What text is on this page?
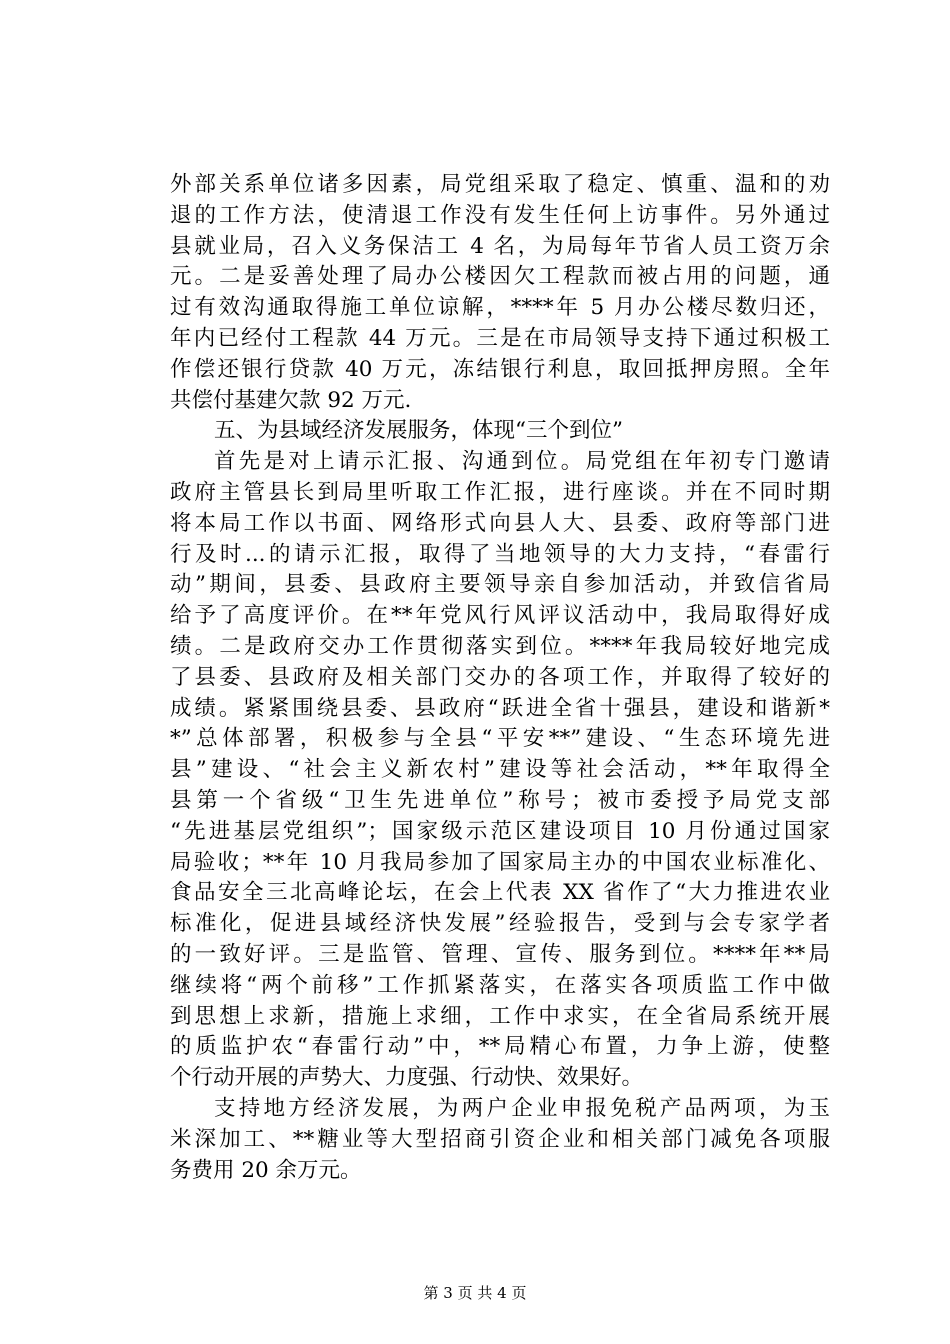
外部关系单位诸多因素，局党组采取了稳定、慎重、温和的劝
退的工作方法，使清退工作没有发生任何上访事件。另外通过
县就业局，召入义务保洁工 4 名，为局每年节省人员工资万余
元。二是妥善处理了局办公楼因欠工程款而被占用的问题，通
过有效沟通取得施工单位谅解，****年 5 月办公楼尽数归还，
年内已经付工程款 44 万元。三是在市局领导支持下通过积极工
作偿还银行贷款 40 万元，冻结银行利息，取回抵押房照。全年
共偿付基建欠款 92 万元.
五、为县域经济发展服务，体现“三个到位”
首先是对上请示汇报、沟通到位。局党组在年初专门邀请
政府主管县长到局里听取工作汇报，进行座谈。并在不同时期
将本局工作以书面、网络形式向县人大、县委、政府等部门进
行及时...的请示汇报，取得了当地领导的大力支持，“春雷行
动”期间，县委、县政府主要领导亲自参加活动，并致信省局
给予了高度评价。在**年党风行风评议活动中，我局取得好成
绩。二是政府交办工作贯彻落实到位。****年我局较好地完成
了县委、县政府及相关部门交办的各项工作，并取得了较好的
成绩。紧紧围绕县委、县政府“跃进全省十强县，建设和谐新*
*”总体部署，积极参与全县“平安**”建设、“生态环境先进
县”建设、“社会主义新农村”建设等社会活动，**年取得全
县第一个省级“卫生先进单位”称号；被市委授予局党支部
“先进基层党组织”；国家级示范区建设项目 10 月份通过国家
局验收；**年 10 月我局参加了国家局主办的中国农业标准化、
食品安全三北高峰论坛，在会上代表 XX 省作了“大力推进农业
标准化，促进县域经济快发展”经验报告，受到与会专家学者
的一致好评。三是监管、管理、宣传、服务到位。****年**局
继续将“两个前移”工作抓紧落实，在落实各项质监工作中做
到思想上求新，措施上求细，工作中求实，在全省局系统开展
的质监护农“春雷行动”中，**局精心布置，力争上游，使整
个行动开展的声势大、力度强、行动快、效果好。
支持地方经济发展，为两户企业申报免税产品两项，为玉
米深加工、**糖业等大型招商引资企业和相关部门减免各项服
务费用 20 余万元。
第 3 页 共 4 页
